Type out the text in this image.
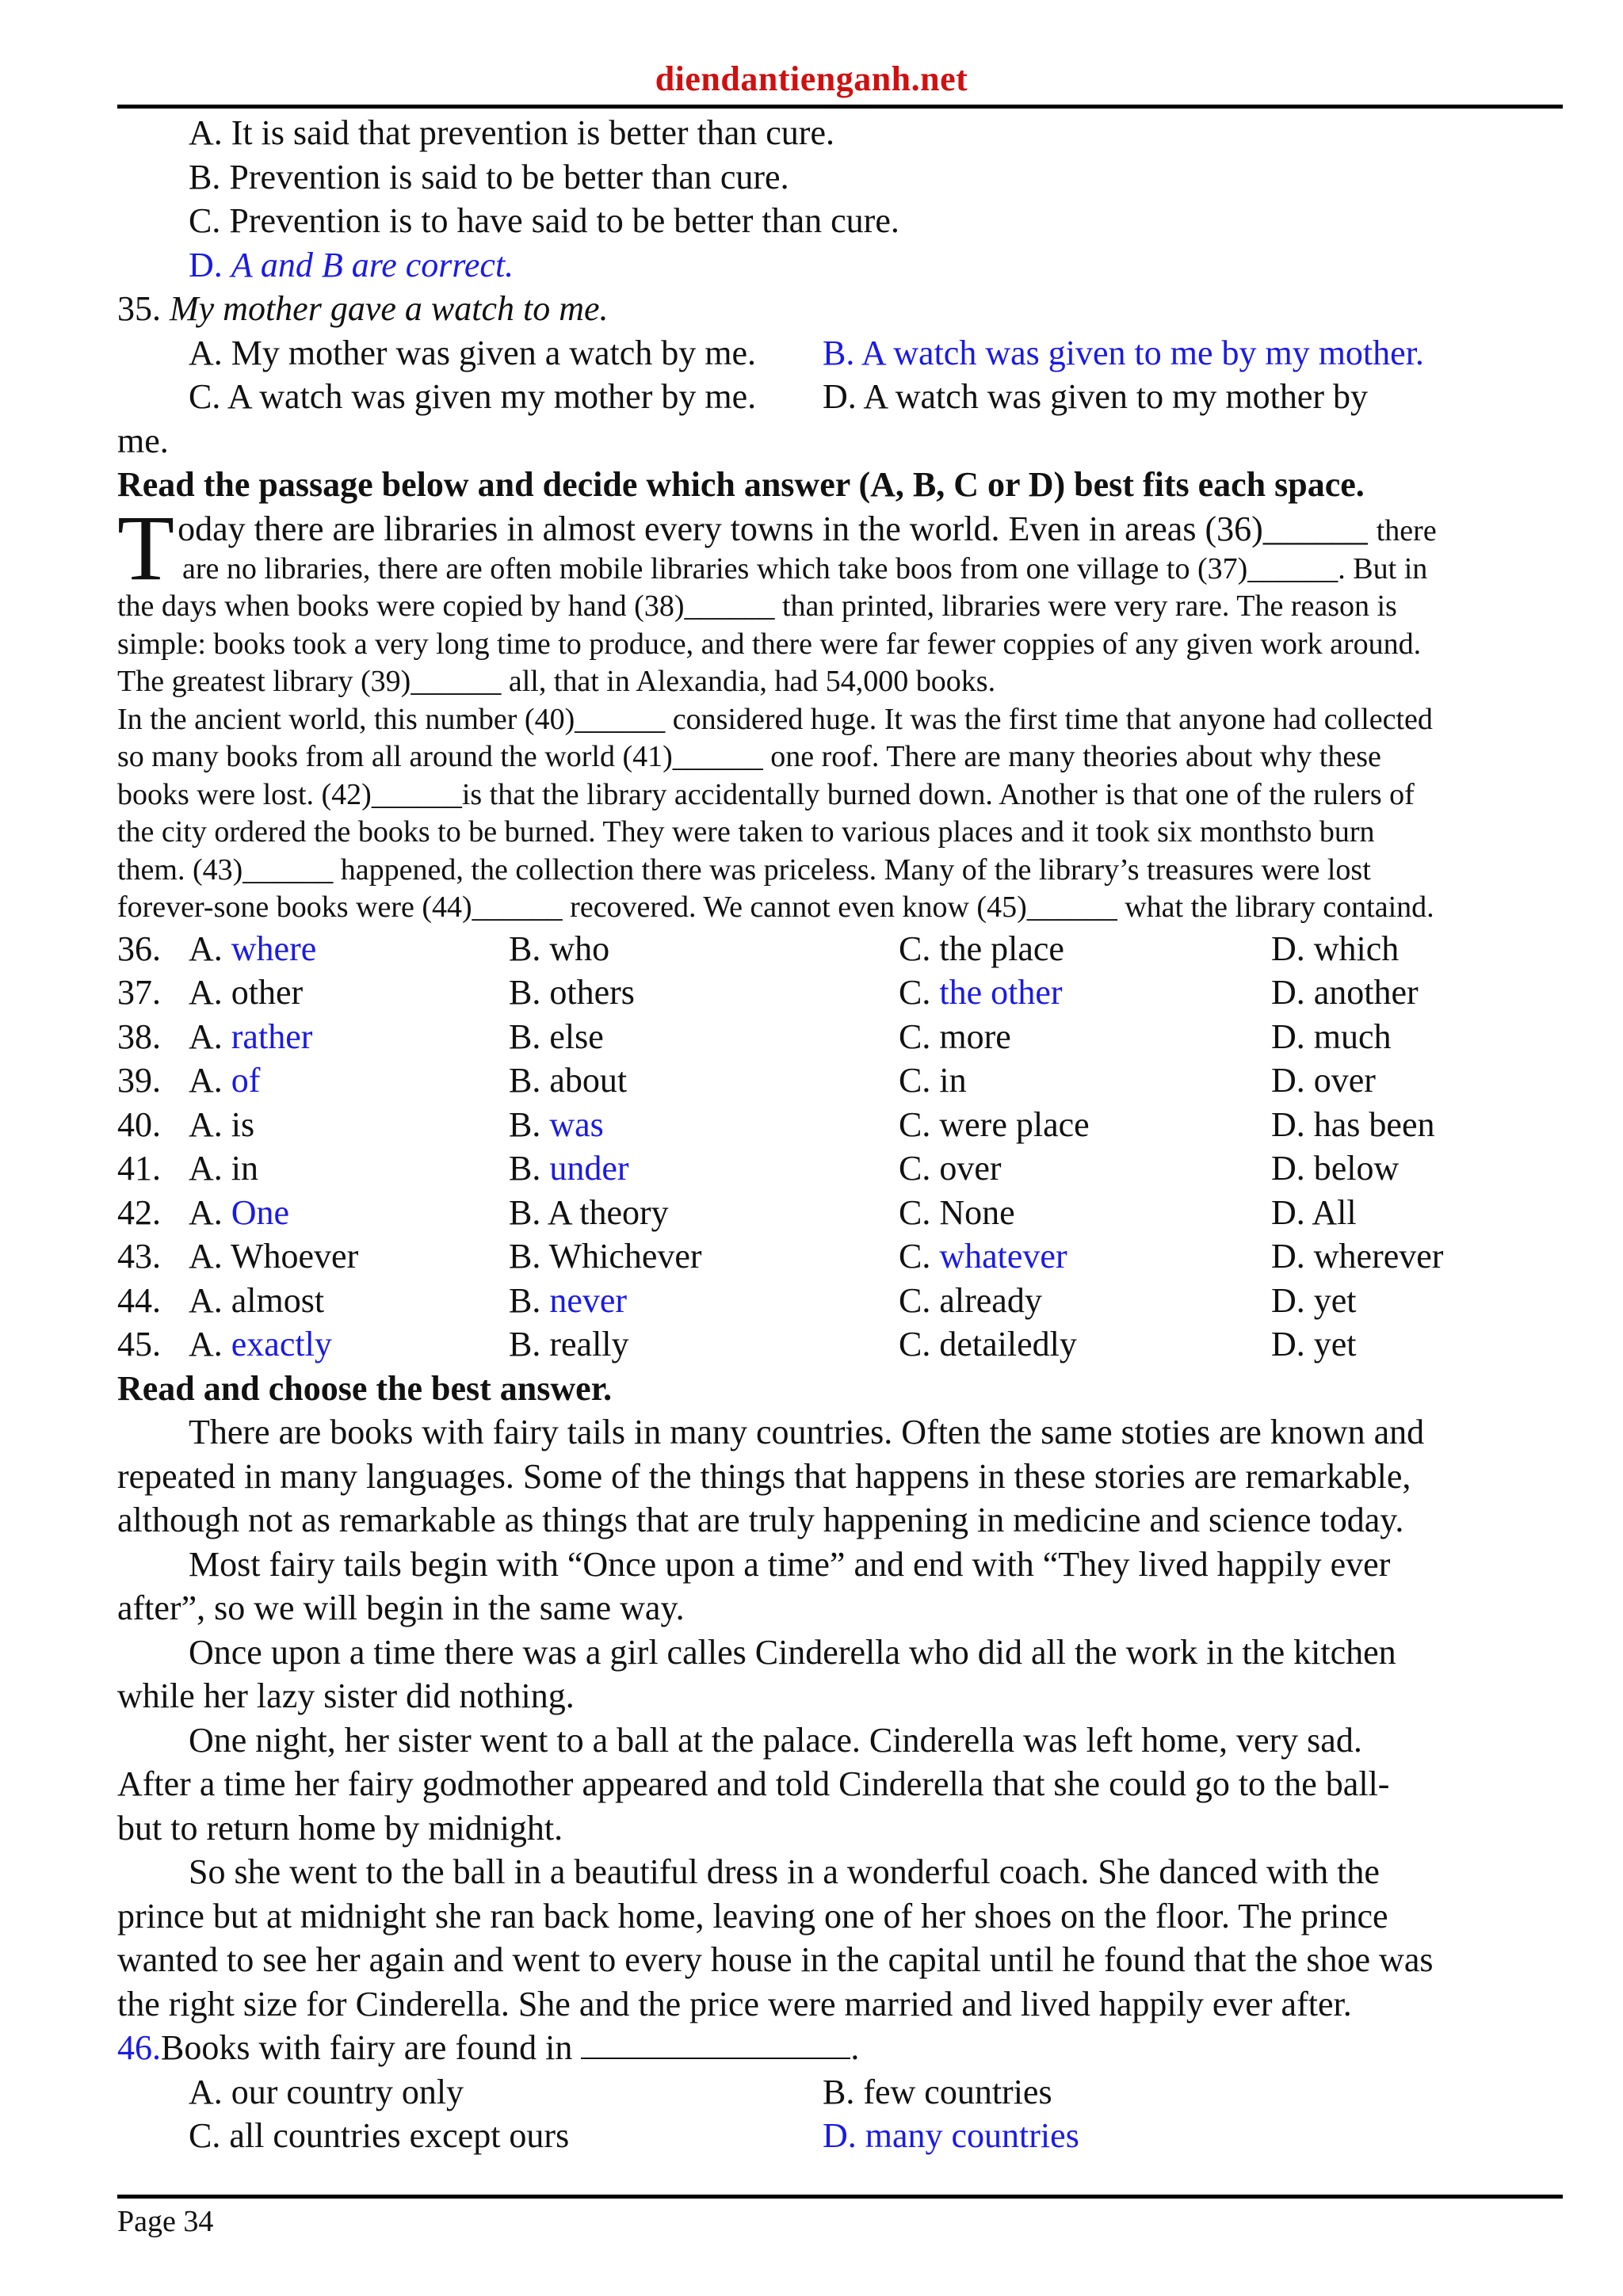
diendantienganh.net
A. It is said that prevention is better than cure.
B. Prevention is said to be better than cure.
C. Prevention is to have said to be better than cure.
D. A and B are correct.
35. My mother gave a watch to me.
A. My mother was given a watch by me.	B. A watch was given to me by my mother.
C. A watch was given my mother by me.	D. A watch was given to my mother by
me.
Read the passage below and decide which answer (A, B, C or D) best fits each space.
Today there are libraries in almost every towns in the world. Even in areas (36)______ there
are no libraries, there are often mobile libraries which take boos from one village to (37)______. But in
the days when books were copied by hand (38)______ than printed, libraries were very rare. The reason is
simple: books took a very long time to produce, and there were far fewer coppies of any given work around.
The greatest library (39)______ all, that in Alexandia, had 54,000 books.
In the ancient world, this number (40)______ considered huge. It was the first time that anyone had collected
so many books from all around the world (41)______ one roof. There are many theories about why these
books were lost. (42)______is that the library accidentally burned down. Another is that one of the rulers of
the city ordered the books to be burned. They were taken to various places and it took six monthsto burn
them. (43)______ happened, the collection there was priceless. Many of the library’s treasures were lost
forever-sone books were (44)______ recovered. We cannot even know (45)______ what the library containd.
36. A. where	B. who	C. the place	D. which
37. A. other	B. others	C. the other	D. another
38. A. rather	B. else	C. more	D. much
39. A. of	B. about	C. in	D. over
40. A. is	B. was	C. were place	D. has been
41. A. in	B. under	C. over	D. below
42. A. One	B. A theory	C. None	D. All
43. A. Whoever	B. Whichever	C. whatever	D. wherever
44. A. almost	B. never	C. already	D. yet
45. A. exactly	B. really	C. detailedly	D. yet
Read and choose the best answer.
There are books with fairy tails in many countries. Often the same stoties are known and
repeated in many languages. Some of the things that happens in these stories are remarkable,
although not as remarkable as things that are truly happening in medicine and science today.
Most fairy tails begin with “Once upon a time” and end with “They lived happily ever
after”, so we will begin in the same way.
Once upon a time there was a girl calles Cinderella who did all the work in the kitchen
while her lazy sister did nothing.
One night, her sister went to a ball at the palace. Cinderella was left home, very sad.
After a time her fairy godmother appeared and told Cinderella that she could go to the ball-
but to return home by midnight.
So she went to the ball in a beautiful dress in a wonderful coach. She danced with the
prince but at midnight she ran back home, leaving one of her shoes on the floor. The prince
wanted to see her again and went to every house in the capital until he found that the shoe was
the right size for Cinderella. She and the price were married and lived happily ever after.
46.Books with fairy are found in	.
A. our country only	B. few countries
C. all countries except ours	D. many countries
Page 34
